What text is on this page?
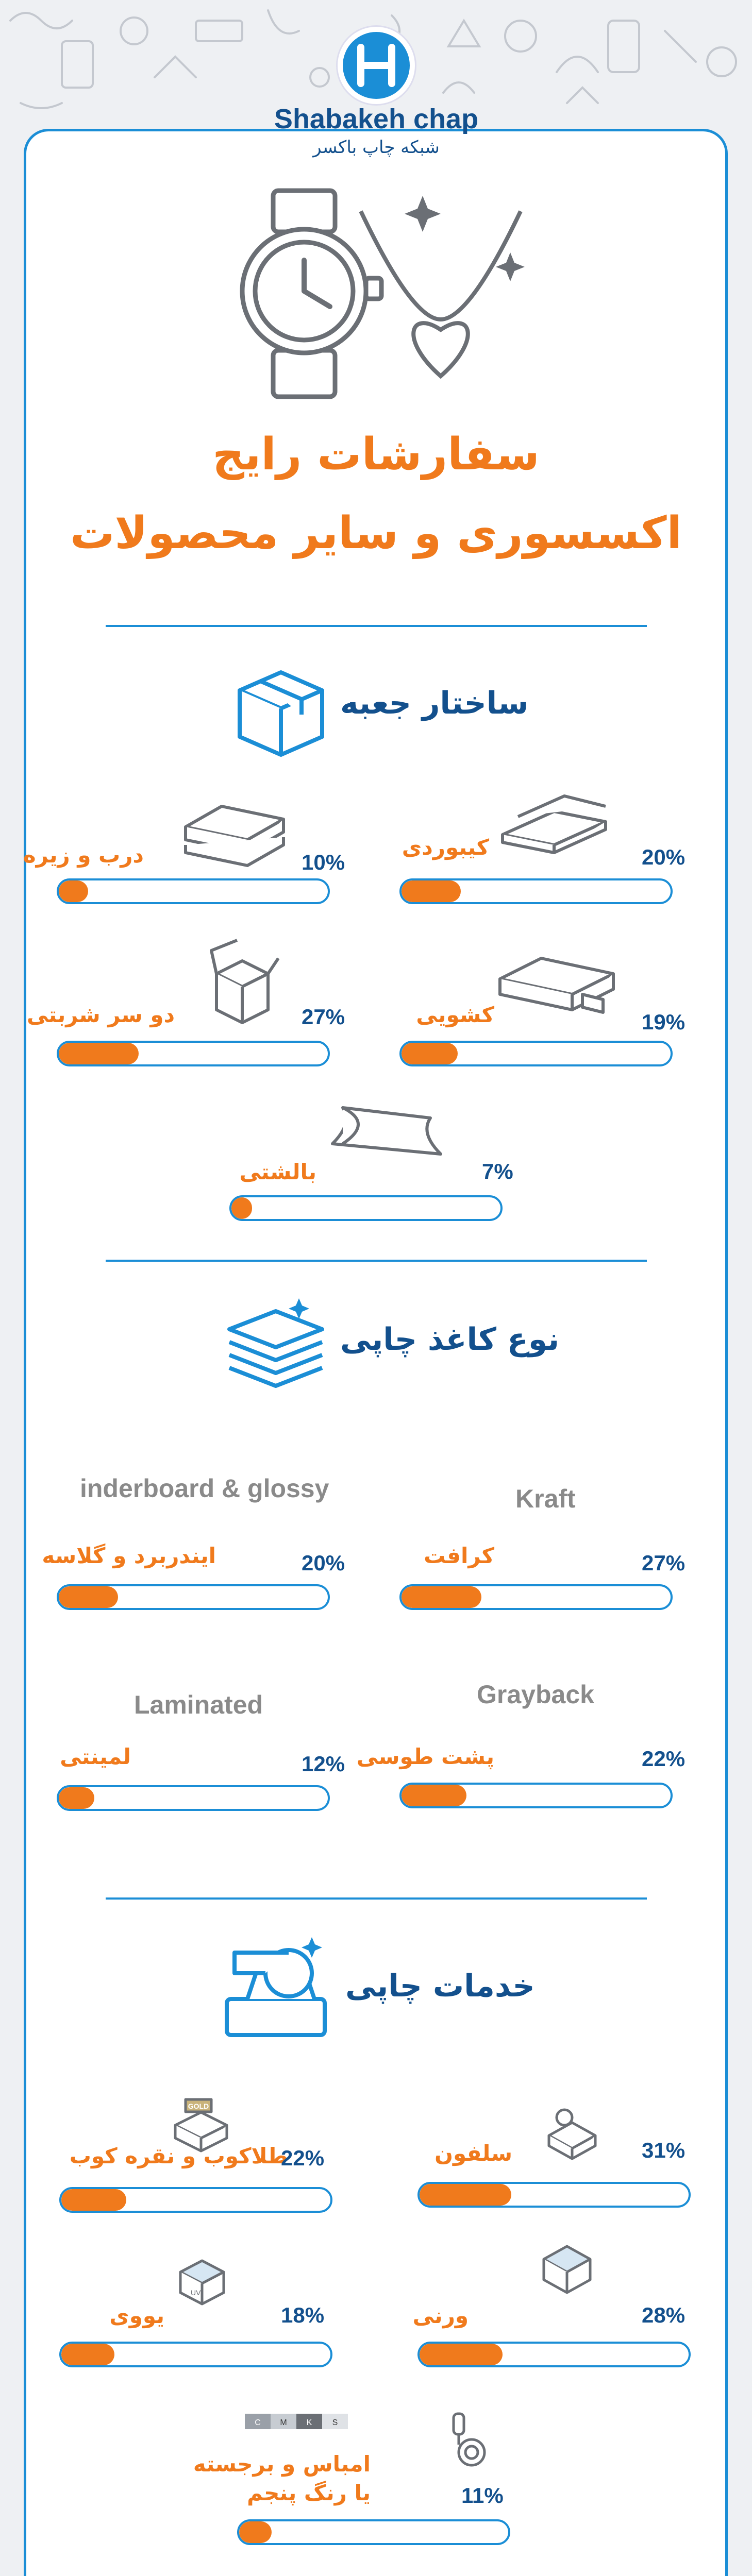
Shabakeh chap
شبکه چاپ باکسر
سفارشات رایج
اکسسوری و سایر محصولات
ساختار جعبه
کیبوردی	20%
درب و زیره	10%
کشویی	19%
دو سر شربتی	27%
بالشتی	7%
نوع کاغذ چاپی
Kraft
کرافت	27%
inderboard & glossy
ایندربرد و گلاسه	20%
Grayback
پشت طوسی	22%
Laminated
لمینتی	12%
خدمات چاپی
سلفون	31%
GOLD
طلاکوب و نقره کوب
22%
ورنی	28%
UV
یووی	18%
C M K S
امباس و برجسته
یا رنگ پنجم	11%
